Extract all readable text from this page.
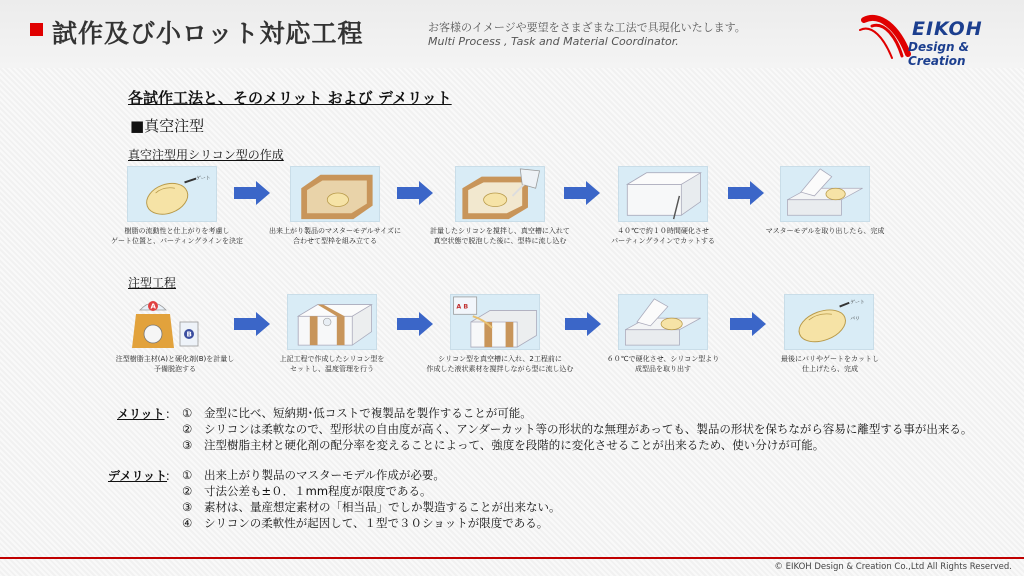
試作及び小ロット対応工程	お客様のイメージや要望をさまざまな工法で具現化いたします。
Multi Process , Task and Material Coordinator.
EIKOH
Design & Creation
各試作工法と、そのメリット および デメリット
■真空注型
真空注型用シリコン型の作成
ゲート
樹脂の流動性と仕上がりを考慮し
ゲート位置と、パーティングラインを決定
出来上がり製品のマスターモデルサイズに
合わせて型枠を組み立てる
計量したシリコンを撹拌し、真空槽に入れて
真空状態で脱泡した後に、型枠に流し込む
４０℃で約１０時間硬化させ
パーティングラインでカットする
マスターモデルを取り出したら、完成
注型工程
A
B
注型樹脂主材(A)と硬化剤(B)を計量し
予備脱泡する
上記工程で作成したシリコン型を
セットし、温度管理を行う
A B
シリコン型を真空槽に入れ、2工程前に
作成した液状素材を撹拌しながら型に流し込む
６０℃で硬化させ、シリコン型より
成型品を取り出す
ゲート
バリ
最後にバリやゲートをカットし
仕上げたら、完成
メリット ： ① 金型に比べ、短納期･低コストで複製品を製作することが可能。
② シリコンは柔軟なので、型形状の自由度が高く、アンダーカット等の形状的な無理があっても、製品の形状を保ちながら容易に離型する事が出来る。
③ 注型樹脂主材と硬化剤の配分率を変えることによって、強度を段階的に変化させることが出来るため、使い分けが可能。
デメリット
： ① 出来上がり製品のマスターモデル作成が必要。
② 寸法公差も±０．１mm程度が限度である。
③ 素材は、量産想定素材の「相当品」でしか製造することが出来ない。
④ シリコンの柔軟性が起因して、１型で３０ショットが限度である。
© EIKOH Design & Creation Co.,Ltd All Rights Reserved.
